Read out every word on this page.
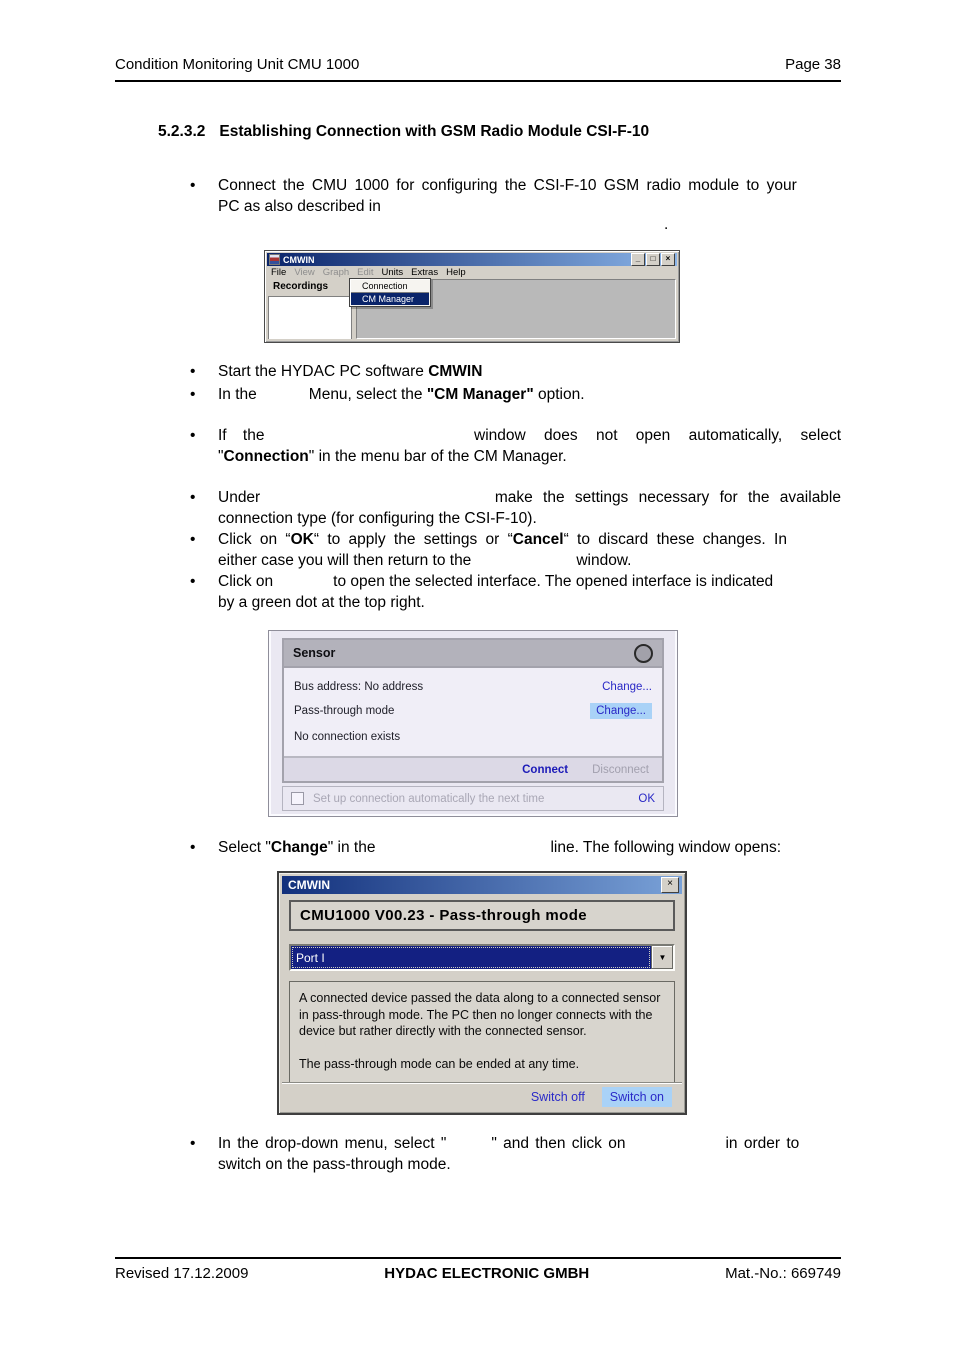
Condition Monitoring Unit CMU 1000	Page 38
5.2.3.2 Establishing Connection with GSM Radio Module CSI-F-10
•	Connect the CMU 1000 for configuring the CSI-F-10 GSM radio module to your
PC as also described in
.
CMWIN	_	□	×
File View Graph Edit Units Extras Help
Recordings	Connection
CM Manager
•	Start the HYDAC PC software CMWIN
•	In the	Menu, select the "CM Manager" option.
•	If the	window does not open automatically, select
"Connection" in the menu bar of the CM Manager.
•	Under	make the settings necessary for the available
connection type (for configuring the CSI-F-10).
•	Click on “OK“ to apply the settings or “Cancel“ to discard these changes. In
either case you will then return to the	window.
•	Click on	to open the selected interface. The opened interface is indicated
by a green dot at the top right.
Sensor
Bus address: No address	Change...
Pass-through mode	Change...
No connection exists
Connect Disconnect
Set up connection automatically the next time	OK
•	Select "Change" in the	line. The following window opens:
CMWIN	×
CMU1000 V00.23 - Pass-through mode
Port I	▼
A connected device passed the data along to a connected sensor in pass-through mode. The PC then no longer connects with the device but rather directly with the connected sensor.
The pass-through mode can be ended at any time.
Switch off	Switch on
•	In the drop-down menu, select "	" and then click on	in order to
switch on the pass-through mode.
Revised 17.12.2009	HYDAC ELECTRONIC GMBH	Mat.-No.: 669749
